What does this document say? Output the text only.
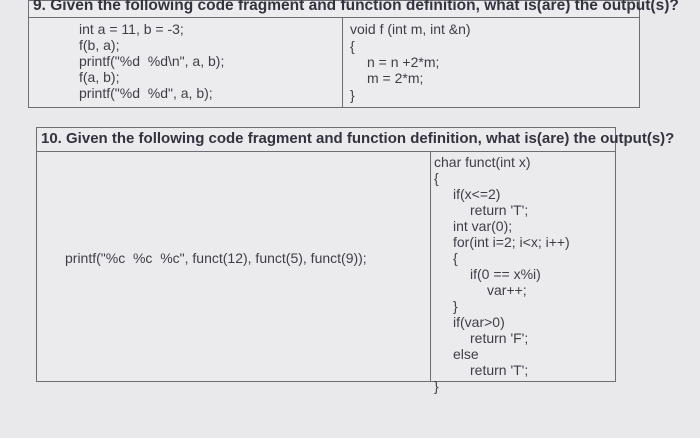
9. Given the following code fragment and function definition, what is(are) the output(s)?
int a = 11, b = -3;
f(b, a);
printf("%d  %d\n", a, b);
f(a, b);
printf("%d  %d", a, b);
void f (int m, int &n)
{
n = n +2*m;
m = 2*m;
}
10. Given the following code fragment and function definition, what is(are) the output(s)?
printf("%c  %c  %c", funct(12), funct(5), funct(9));
char funct(int x)
{
if(x<=2)
return 'T';
int var(0);
for(int i=2; i<x; i++)
{
if(0 == x%i)
var++;
}
if(var>0)
return 'F';
else
return 'T';
}
